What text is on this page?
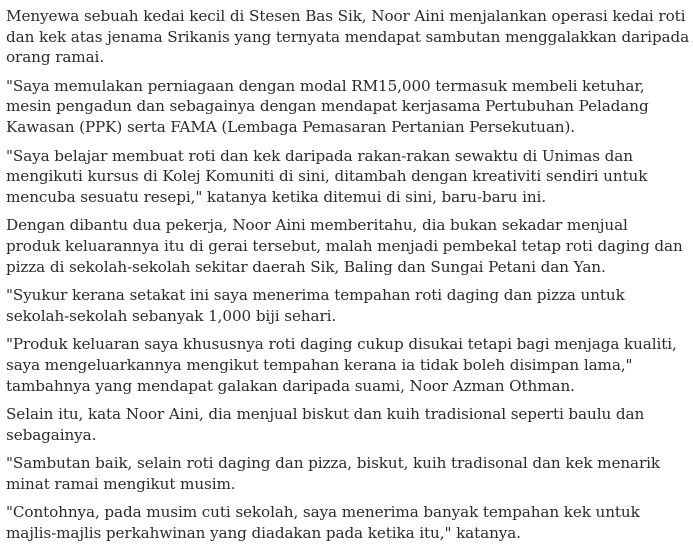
Menyewa sebuah kedai kecil di Stesen Bas Sik, Noor Aini menjalankan operasi kedai roti
dan kek atas jenama Srikanis yang ternyata mendapat sambutan menggalakkan daripada
orang ramai.

"Saya memulakan perniagaan dengan modal RM15,000 termasuk membeli ketuhar,
mesin pengadun dan sebagainya dengan mendapat kerjasama Pertubuhan Peladang
Kawasan (PPK) serta FAMA (Lembaga Pemasaran Pertanian Persekutuan).

"Saya belajar membuat roti dan kek daripada rakan-rakan sewaktu di Unimas dan
mengikuti kursus di Kolej Komuniti di sini, ditambah dengan kreativiti sendiri untuk
mencuba sesuatu resepi," katanya ketika ditemui di sini, baru-baru ini.

Dengan dibantu dua pekerja, Noor Aini memberitahu, dia bukan sekadar menjual
produk keluarannya itu di gerai tersebut, malah menjadi pembekal tetap roti daging dan
pizza di sekolah-sekolah sekitar daerah Sik, Baling dan Sungai Petani dan Yan.

"Syukur kerana setakat ini saya menerima tempahan roti daging dan pizza untuk
sekolah-sekolah sebanyak 1,000 biji sehari.

"Produk keluaran saya khususnya roti daging cukup disukai tetapi bagi menjaga kualiti,
saya mengeluarkannya mengikut tempahan kerana ia tidak boleh disimpan lama,"
tambahnya yang mendapat galakan daripada suami, Noor Azman Othman.

Selain itu, kata Noor Aini, dia menjual biskut dan kuih tradisional seperti baulu dan
sebagainya.

"Sambutan baik, selain roti daging dan pizza, biskut, kuih tradisonal dan kek menarik
minat ramai mengikut musim.

"Contohnya, pada musim cuti sekolah, saya menerima banyak tempahan kek untuk
majlis-majlis perkahwinan yang diadakan pada ketika itu," katanya.
